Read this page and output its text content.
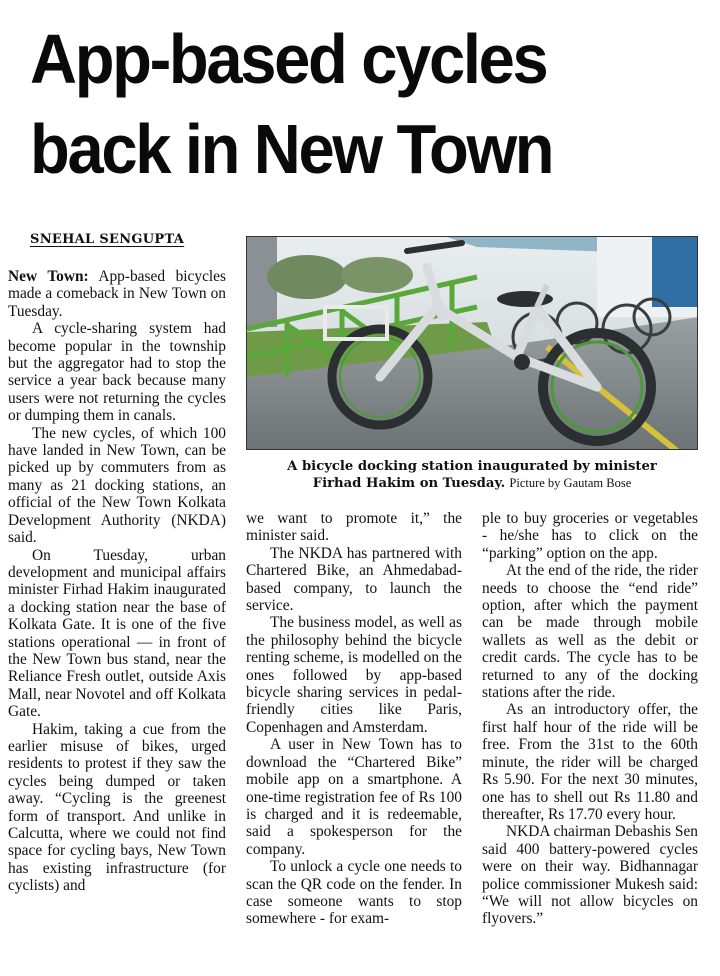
App-based cycles
back in New Town
SNEHAL SENGUPTA
A bicycle docking station inaugurated by minister
Firhad Hakim on Tuesday. Picture by Gautam Bose

New Town: App-based bicycles made a comeback in New Town on Tuesday.

A cycle-sharing system had become popular in the township but the aggregator had to stop the service a year back because many users were not returning the cycles or dumping them in canals.

The new cycles, of which 100 have landed in New Town, can be picked up by commuters from as many as 21 docking stations, an official of the New Town Kolkata Development Authority (NKDA) said.

On Tuesday, urban development and municipal affairs minister Firhad Hakim inaugurated a docking station near the base of Kolkata Gate. It is one of the five stations operational — in front of the New Town bus stand, near the Reliance Fresh outlet, outside Axis Mall, near Novotel and off Kolkata Gate.

Hakim, taking a cue from the earlier misuse of bikes, urged residents to protest if they saw the cycles being dumped or taken away. “Cycling is the greenest form of transport. And unlike in Calcutta, where we could not find space for cycling bays, New Town has existing infrastructure (for cyclists) and

we want to promote it,” the minister said.

The NKDA has partnered with Chartered Bike, an Ahmedabad-based company, to launch the service.

The business model, as well as the philosophy behind the bicycle renting scheme, is modelled on the ones followed by app-based bicycle sharing services in pedal-friendly cities like Paris, Copenhagen and Amsterdam.

A user in New Town has to download the “Chartered Bike” mobile app on a smartphone. A one-time registration fee of Rs 100 is charged and it is redeemable, said a spokesperson for the company.

To unlock a cycle one needs to scan the QR code on the fender. In case someone wants to stop somewhere - for exam-

ple to buy groceries or vegetables - he/she has to click on the “parking” option on the app.

At the end of the ride, the rider needs to choose the “end ride” option, after which the payment can be made through mobile wallets as well as the debit or credit cards. The cycle has to be returned to any of the docking stations after the ride.

As an introductory offer, the first half hour of the ride will be free. From the 31st to the 60th minute, the rider will be charged Rs 5.90. For the next 30 minutes, one has to shell out Rs 11.80 and thereafter, Rs 17.70 every hour.

NKDA chairman Debashis Sen said 400 battery-powered cycles were on their way. Bidhannagar police commissioner Mukesh said: “We will not allow bicycles on flyovers.”
